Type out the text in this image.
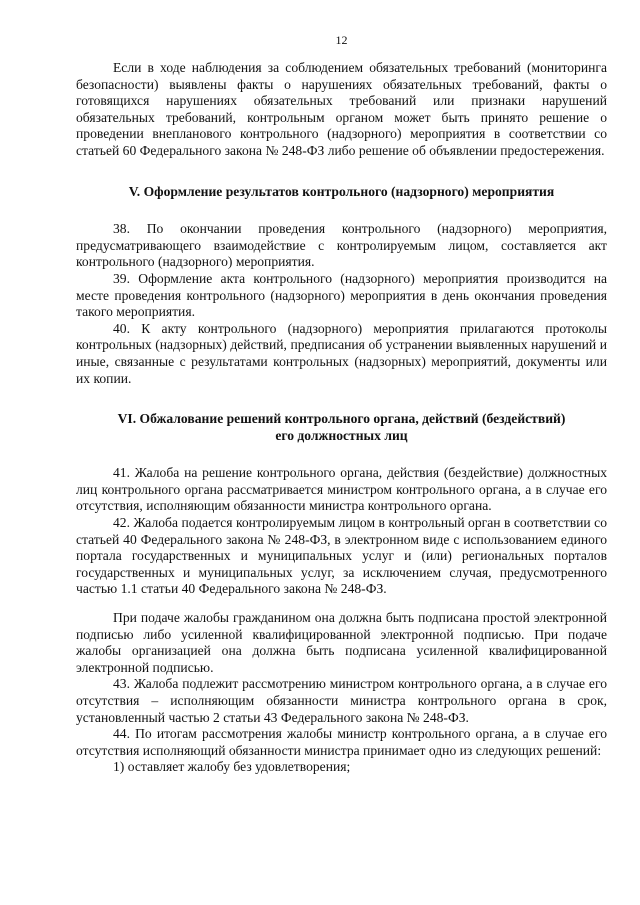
12

Если в ходе наблюдения за соблюдением обязательных требований (мониторинга безопасности) выявлены факты о нарушениях обязательных требований, факты о готовящихся нарушениях обязательных требований или признаки нарушений обязательных требований, контрольным органом может быть принято решение о проведении внепланового контрольного (надзорного) мероприятия в соответствии со статьей 60 Федерального закона № 248-ФЗ либо решение об объявлении предостережения.

V. Оформление результатов контрольного (надзорного) мероприятия

38. По окончании проведения контрольного (надзорного) мероприятия, предусматривающего взаимодействие с контролируемым лицом, составляется акт контрольного (надзорного) мероприятия.

39. Оформление акта контрольного (надзорного) мероприятия производится на месте проведения контрольного (надзорного) мероприятия в день окончания проведения такого мероприятия.

40. К акту контрольного (надзорного) мероприятия прилагаются протоколы контрольных (надзорных) действий, предписания об устранении выявленных нарушений и иные, связанные с результатами контрольных (надзорных) мероприятий, документы или их копии.

VI. Обжалование решений контрольного органа, действий (бездействий)
его должностных лиц

41. Жалоба на решение контрольного органа, действия (бездействие) должностных лиц контрольного органа рассматривается министром контрольного органа, а в случае его отсутствия, исполняющим обязанности министра контрольного органа.

42. Жалоба подается контролируемым лицом в контрольный орган в соответствии со статьей 40 Федерального закона № 248-ФЗ, в электронном виде с использованием единого портала государственных и муниципальных услуг и (или) региональных порталов государственных и муниципальных услуг, за исключением случая, предусмотренного частью 1.1 статьи 40 Федерального закона № 248-ФЗ.

При подаче жалобы гражданином она должна быть подписана простой электронной подписью либо усиленной квалифицированной электронной подписью. При подаче жалобы организацией она должна быть подписана усиленной квалифицированной электронной подписью.

43. Жалоба подлежит рассмотрению министром контрольного органа, а в случае его отсутствия – исполняющим обязанности министра контрольного органа в срок, установленный частью 2 статьи 43 Федерального закона № 248-ФЗ.

44. По итогам рассмотрения жалобы министр контрольного органа, а в случае его отсутствия исполняющий обязанности министра принимает одно из следующих решений:

1) оставляет жалобу без удовлетворения;
